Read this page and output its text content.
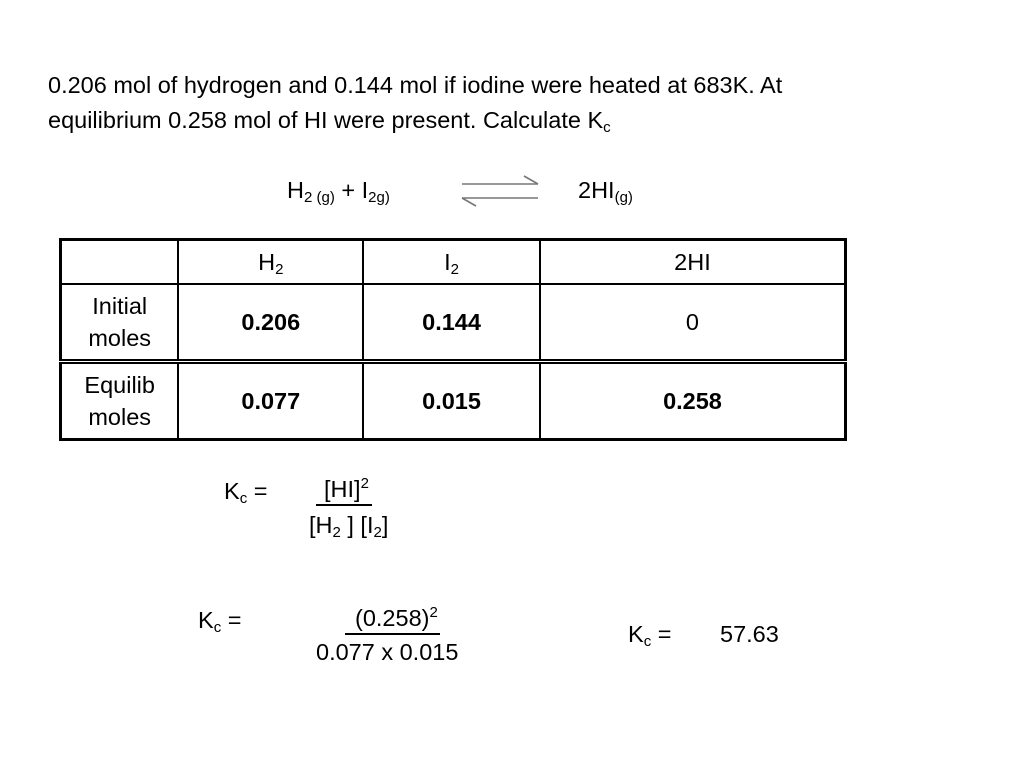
0.206 mol of hydrogen and 0.144 mol if iodine were heated at 683K. At
equilibrium 0.258 mol of HI were present. Calculate $K_c$
$H_{2 (g)} + I_{2g)}$	$2HI_{(g)}$
	$H_2$	$I_2$	2HI
Initial
moles	0.206	0.144	0
Equilib
moles	0.077	0.015	0.258
$K_c$ =	[HI]$^2$
[$H_2$ ] $[I_2]$
$K_c$ =	$(0.258)^2$
0.077 x 0.015
$K_c = 57.63$
